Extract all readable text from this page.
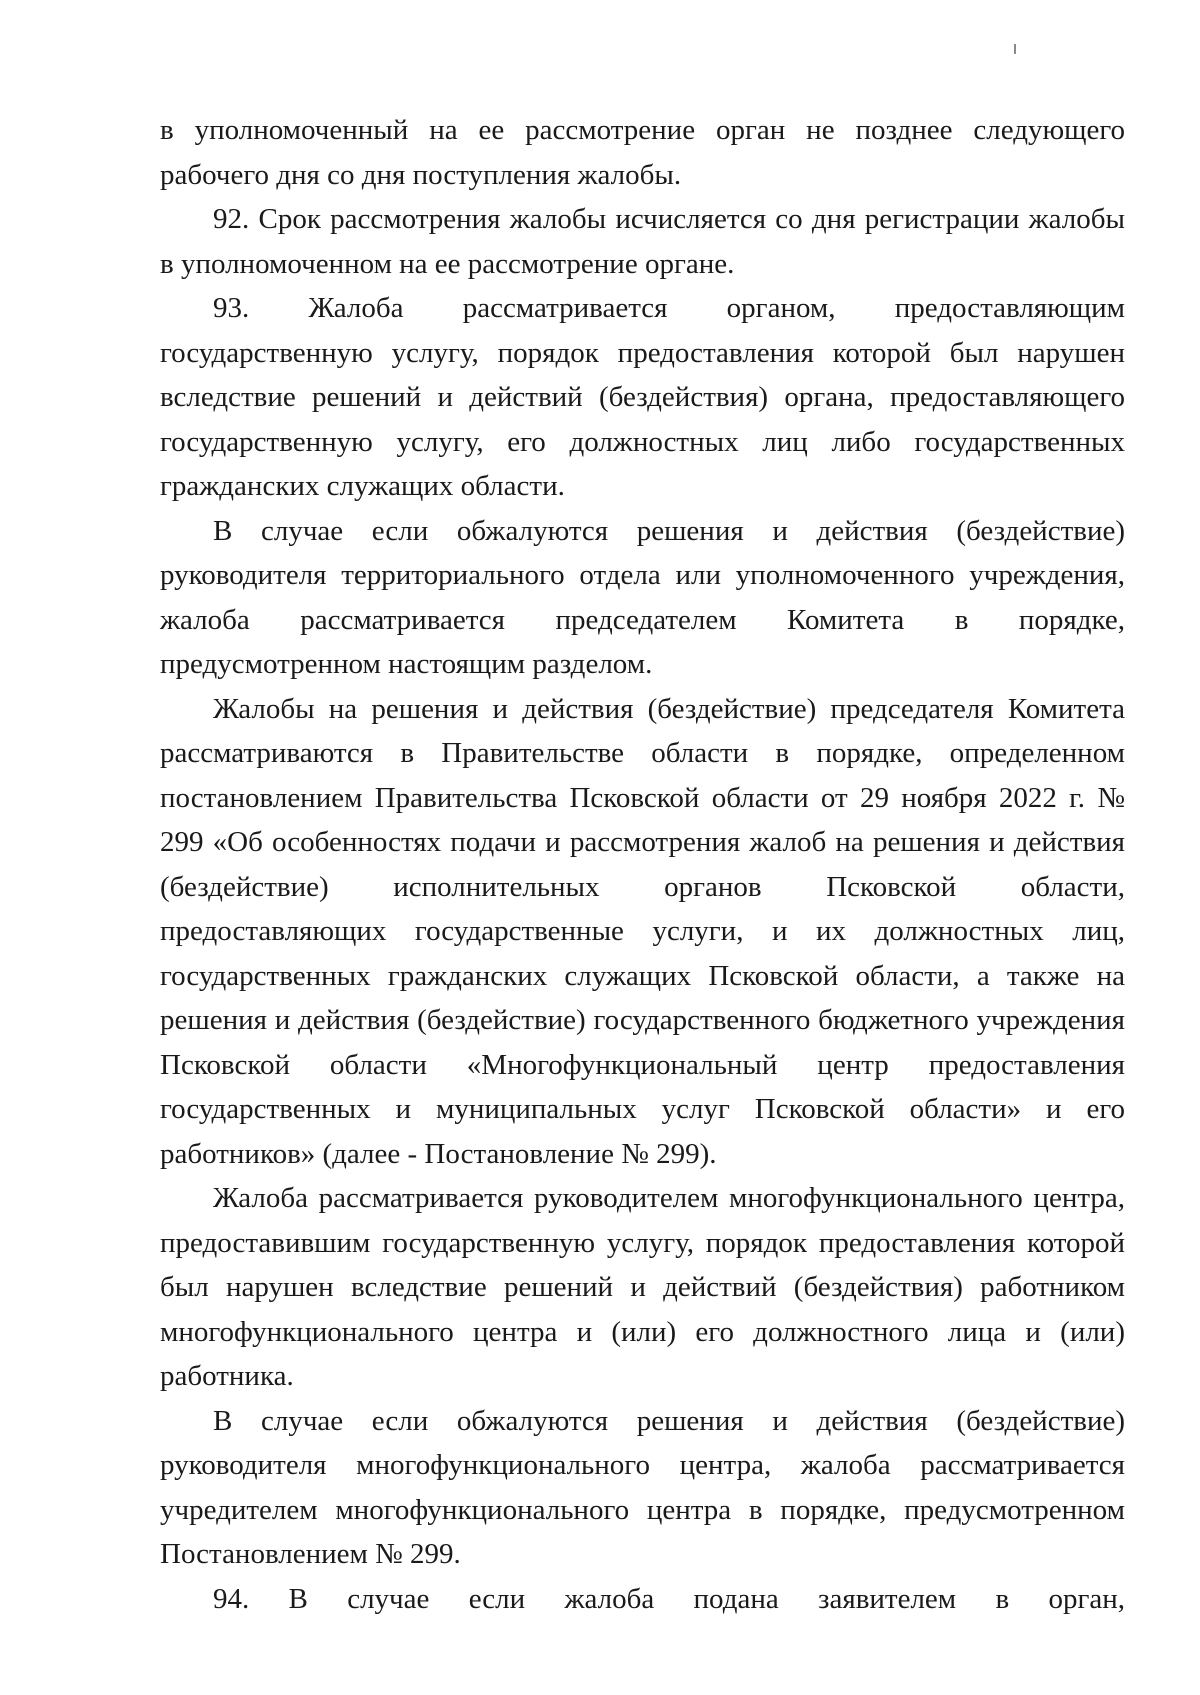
в уполномоченный на ее рассмотрение орган не позднее следующего рабочего дня со дня поступления жалобы.

92. Срок рассмотрения жалобы исчисляется со дня регистрации жалобы в уполномоченном на ее рассмотрение органе.

93. Жалоба рассматривается органом, предоставляющим государственную услугу, порядок предоставления которой был нарушен вследствие решений и действий (бездействия) органа, предоставляющего государственную услугу, его должностных лиц либо государственных гражданских служащих области.

В случае если обжалуются решения и действия (бездействие) руководителя территориального отдела или уполномоченного учреждения, жалоба рассматривается председателем Комитета в порядке, предусмотренном настоящим разделом.

Жалобы на решения и действия (бездействие) председателя Комитета рассматриваются в Правительстве области в порядке, определенном постановлением Правительства Псковской области от 29 ноября 2022 г. № 299 «Об особенностях подачи и рассмотрения жалоб на решения и действия (бездействие) исполнительных органов Псковской области, предоставляющих государственные услуги, и их должностных лиц, государственных гражданских служащих Псковской области, а также на решения и действия (бездействие) государственного бюджетного учреждения Псковской области «Многофункциональный центр предоставления государственных и муниципальных услуг Псковской области» и его работников» (далее - Постановление № 299).

Жалоба рассматривается руководителем многофункционального центра, предоставившим государственную услугу, порядок предоставления которой был нарушен вследствие решений и действий (бездействия) работником многофункционального центра и (или) его должностного лица и (или) работника.

В случае если обжалуются решения и действия (бездействие) руководителя многофункционального центра, жалоба рассматривается учредителем многофункционального центра в порядке, предусмотренном Постановлением № 299.

94. В случае если жалоба подана заявителем в орган,
